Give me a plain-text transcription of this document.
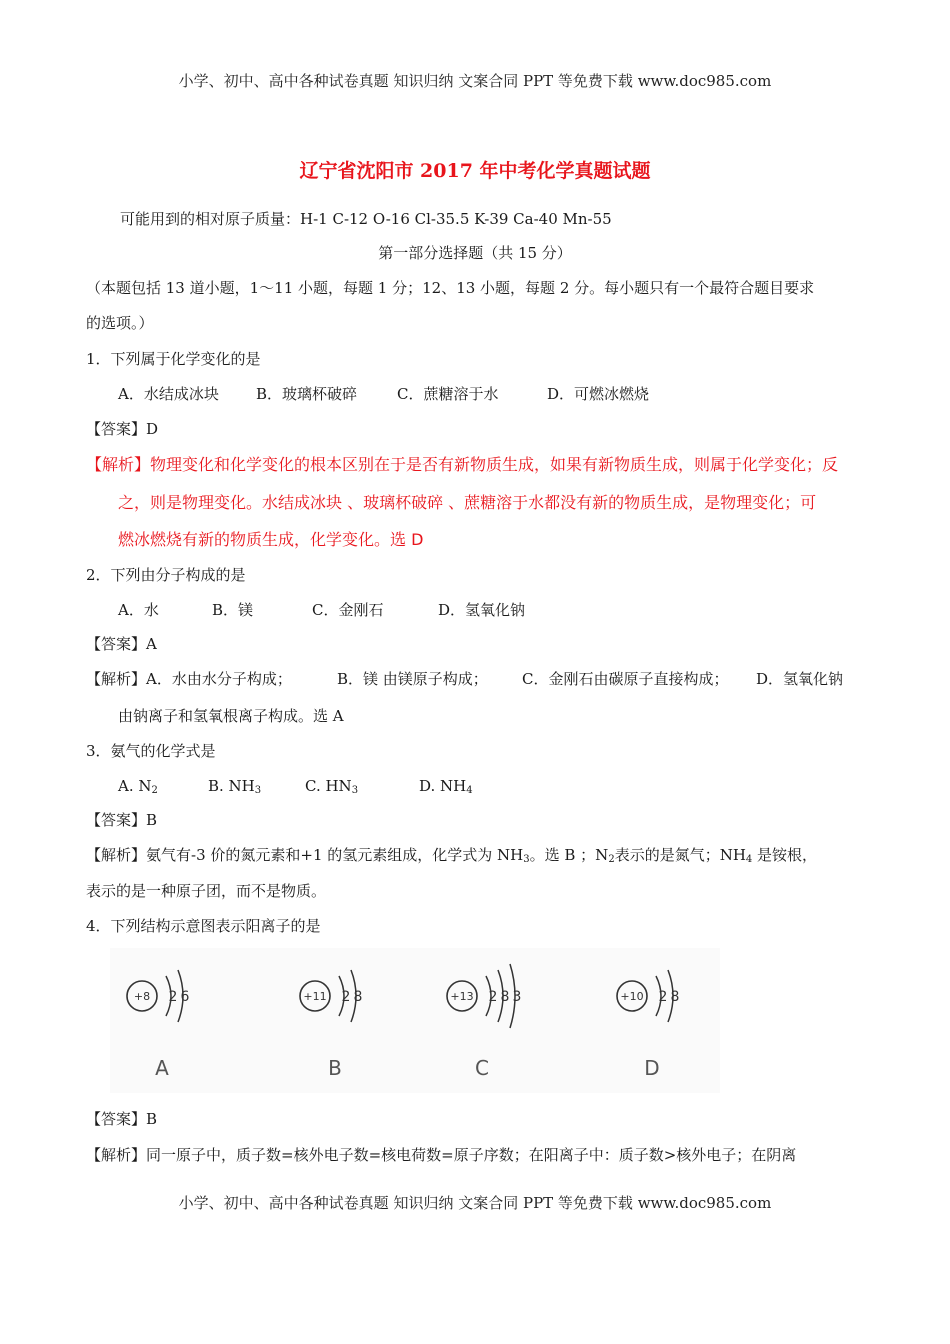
小学、初中、高中各种试卷真题 知识归纳 文案合同 PPT 等免费下载 www.doc985.com
辽宁省沈阳市 2017 年中考化学真题试题
可能用到的相对原子质量：H-1 C-12 O-16 Cl-35.5 K-39 Ca-40 Mn-55
第一部分选择题（共 15 分）
（本题包括 13 道小题，1～11 小题，每题 1 分；12、13 小题，每题 2 分。每小题只有一个最符合题目要求
的选项。）
1．下列属于化学变化的是
A．水结成冰块 B．玻璃杯破碎	C．蔗糖溶于水	D．可燃冰燃烧
【答案】D
【解析】物理变化和化学变化的根本区别在于是否有新物质生成，如果有新物质生成，则属于化学变化；反
之，则是物理变化。水结成冰块 、玻璃杯破碎 、蔗糖溶于水都没有新的物质生成，是物理变化；可
燃冰燃烧有新的物质生成，化学变化。选 D
2．下列由分子构成的是
A．水	B．镁	C．金刚石	D．氢氧化钠
【答案】A
【解析】A．水由水分子构成；	B．镁 由镁原子构成； C．金刚石由碳原子直接构成； D．氢氧化钠
由钠离子和氢氧根离子构成。选 A
3．氨气的化学式是
A. $N_2$	B. $NH_3$	C. $HN_3$	D. $NH_4$
【答案】B
【解析】氨气有-3 价的氮元素和+1 的氢元素组成，化学式为 $NH_3$。选 B ；$N_2$表示的是氮气；$NH_4$ 是铵根，
表示的是一种原子团，而不是物质。
4．下列结构示意图表示阳离子的是
+8 2 6
A
+11 2 8
B
+13 2 8 3
C
+10 2 8
D
【答案】B
【解析】同一原子中，质子数=核外电子数=核电荷数=原子序数；在阳离子中：质子数>核外电子；在阴离
小学、初中、高中各种试卷真题 知识归纳 文案合同 PPT 等免费下载 www.doc985.com
